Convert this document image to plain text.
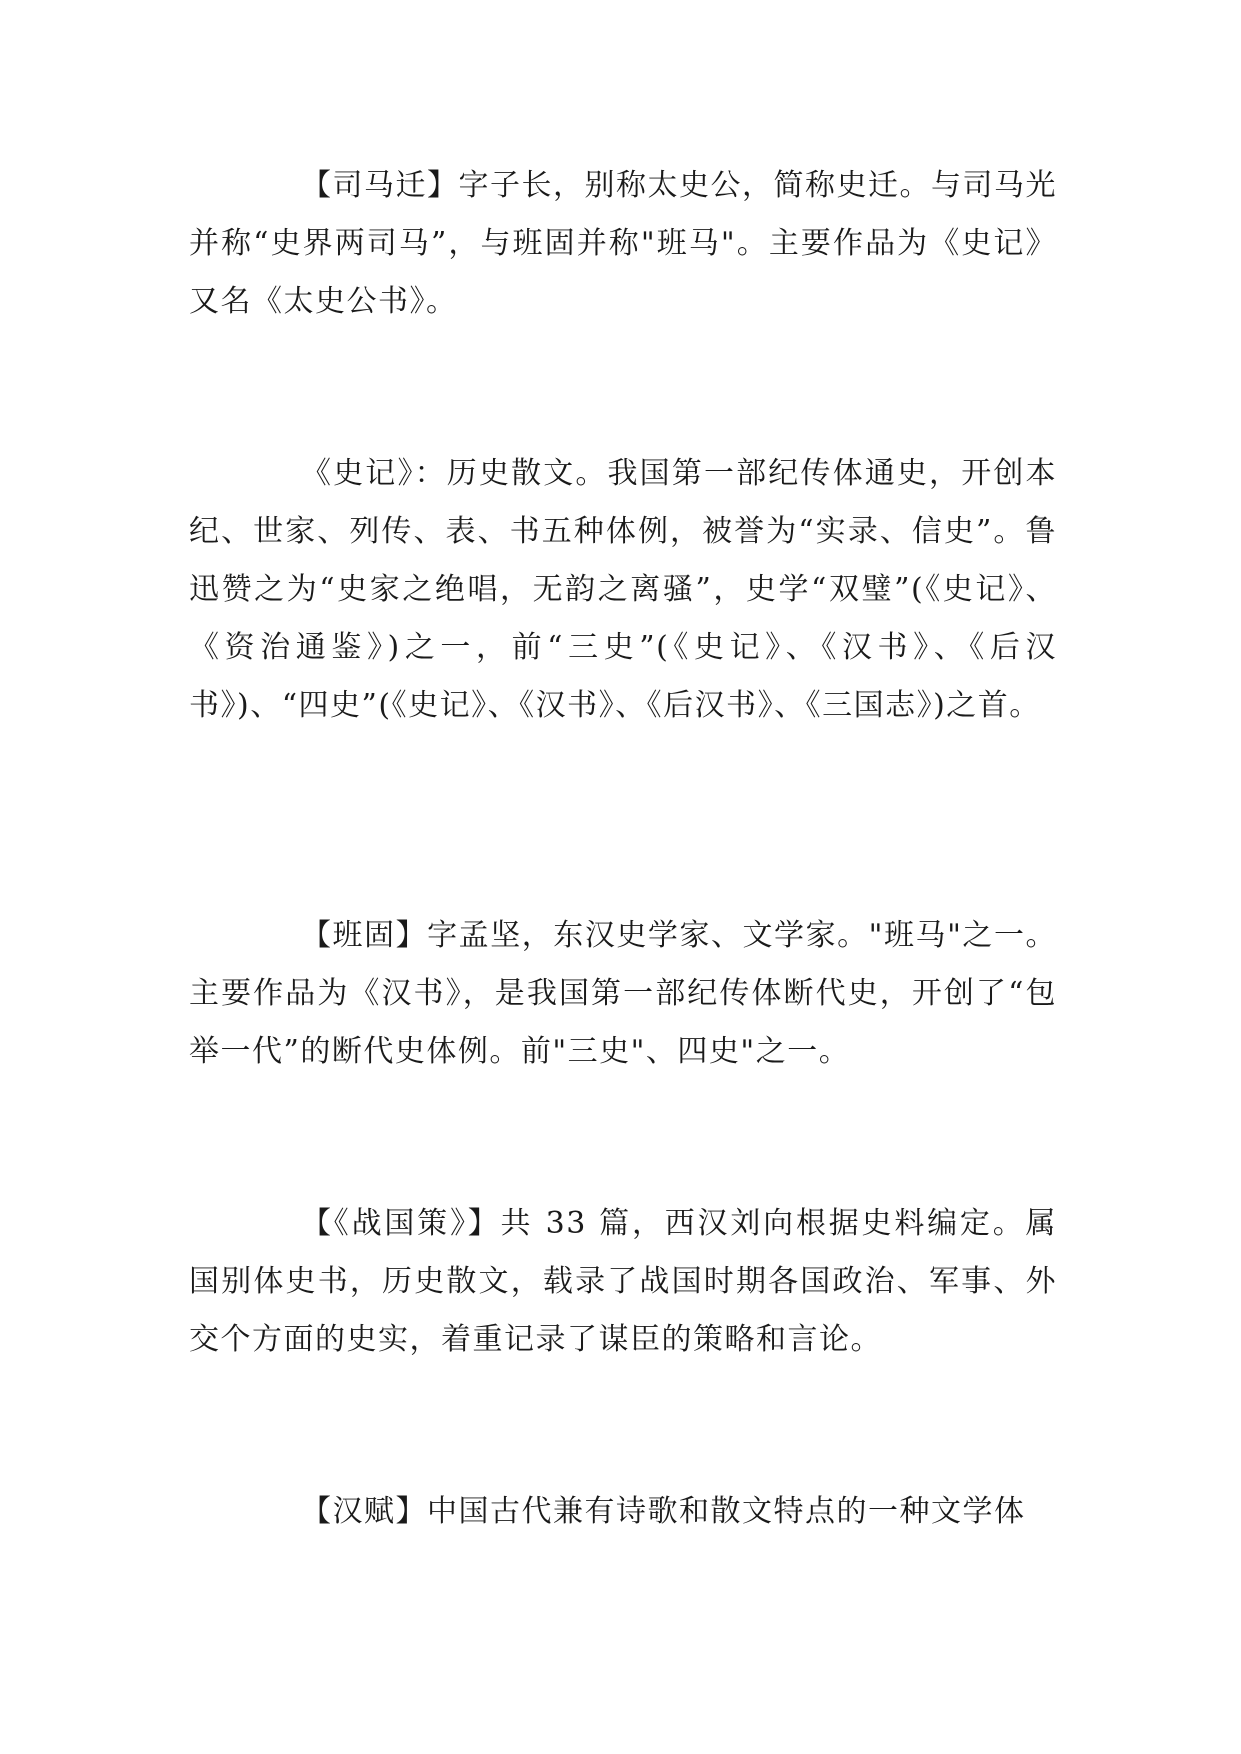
【司马迁】字子长，别称太史公，简称史迁。与司马光并称“史界两司马”，与班固并称"班马"。主要作品为《史记》又名《太史公书》。

《史记》：历史散文。我国第一部纪传体通史，开创本纪、世家、列传、表、书五种体例，被誉为“实录、信史”。鲁迅赞之为“史家之绝唱，无韵之离骚”，史学“双璧”(《史记》、《资治通鉴》)之一，前“三史”(《史记》、《汉书》、《后汉书》)、“四史”(《史记》、《汉书》、《后汉书》、《三国志》)之首。

【班固】字孟坚，东汉史学家、文学家。"班马"之一。主要作品为《汉书》，是我国第一部纪传体断代史，开创了“包举一代”的断代史体例。前"三史"、四史"之一。

【《战国策》】共 33 篇，西汉刘向根据史料编定。属国别体史书，历史散文，载录了战国时期各国政治、军事、外交个方面的史实，着重记录了谋臣的策略和言论。

【汉赋】中国古代兼有诗歌和散文特点的一种文学体
